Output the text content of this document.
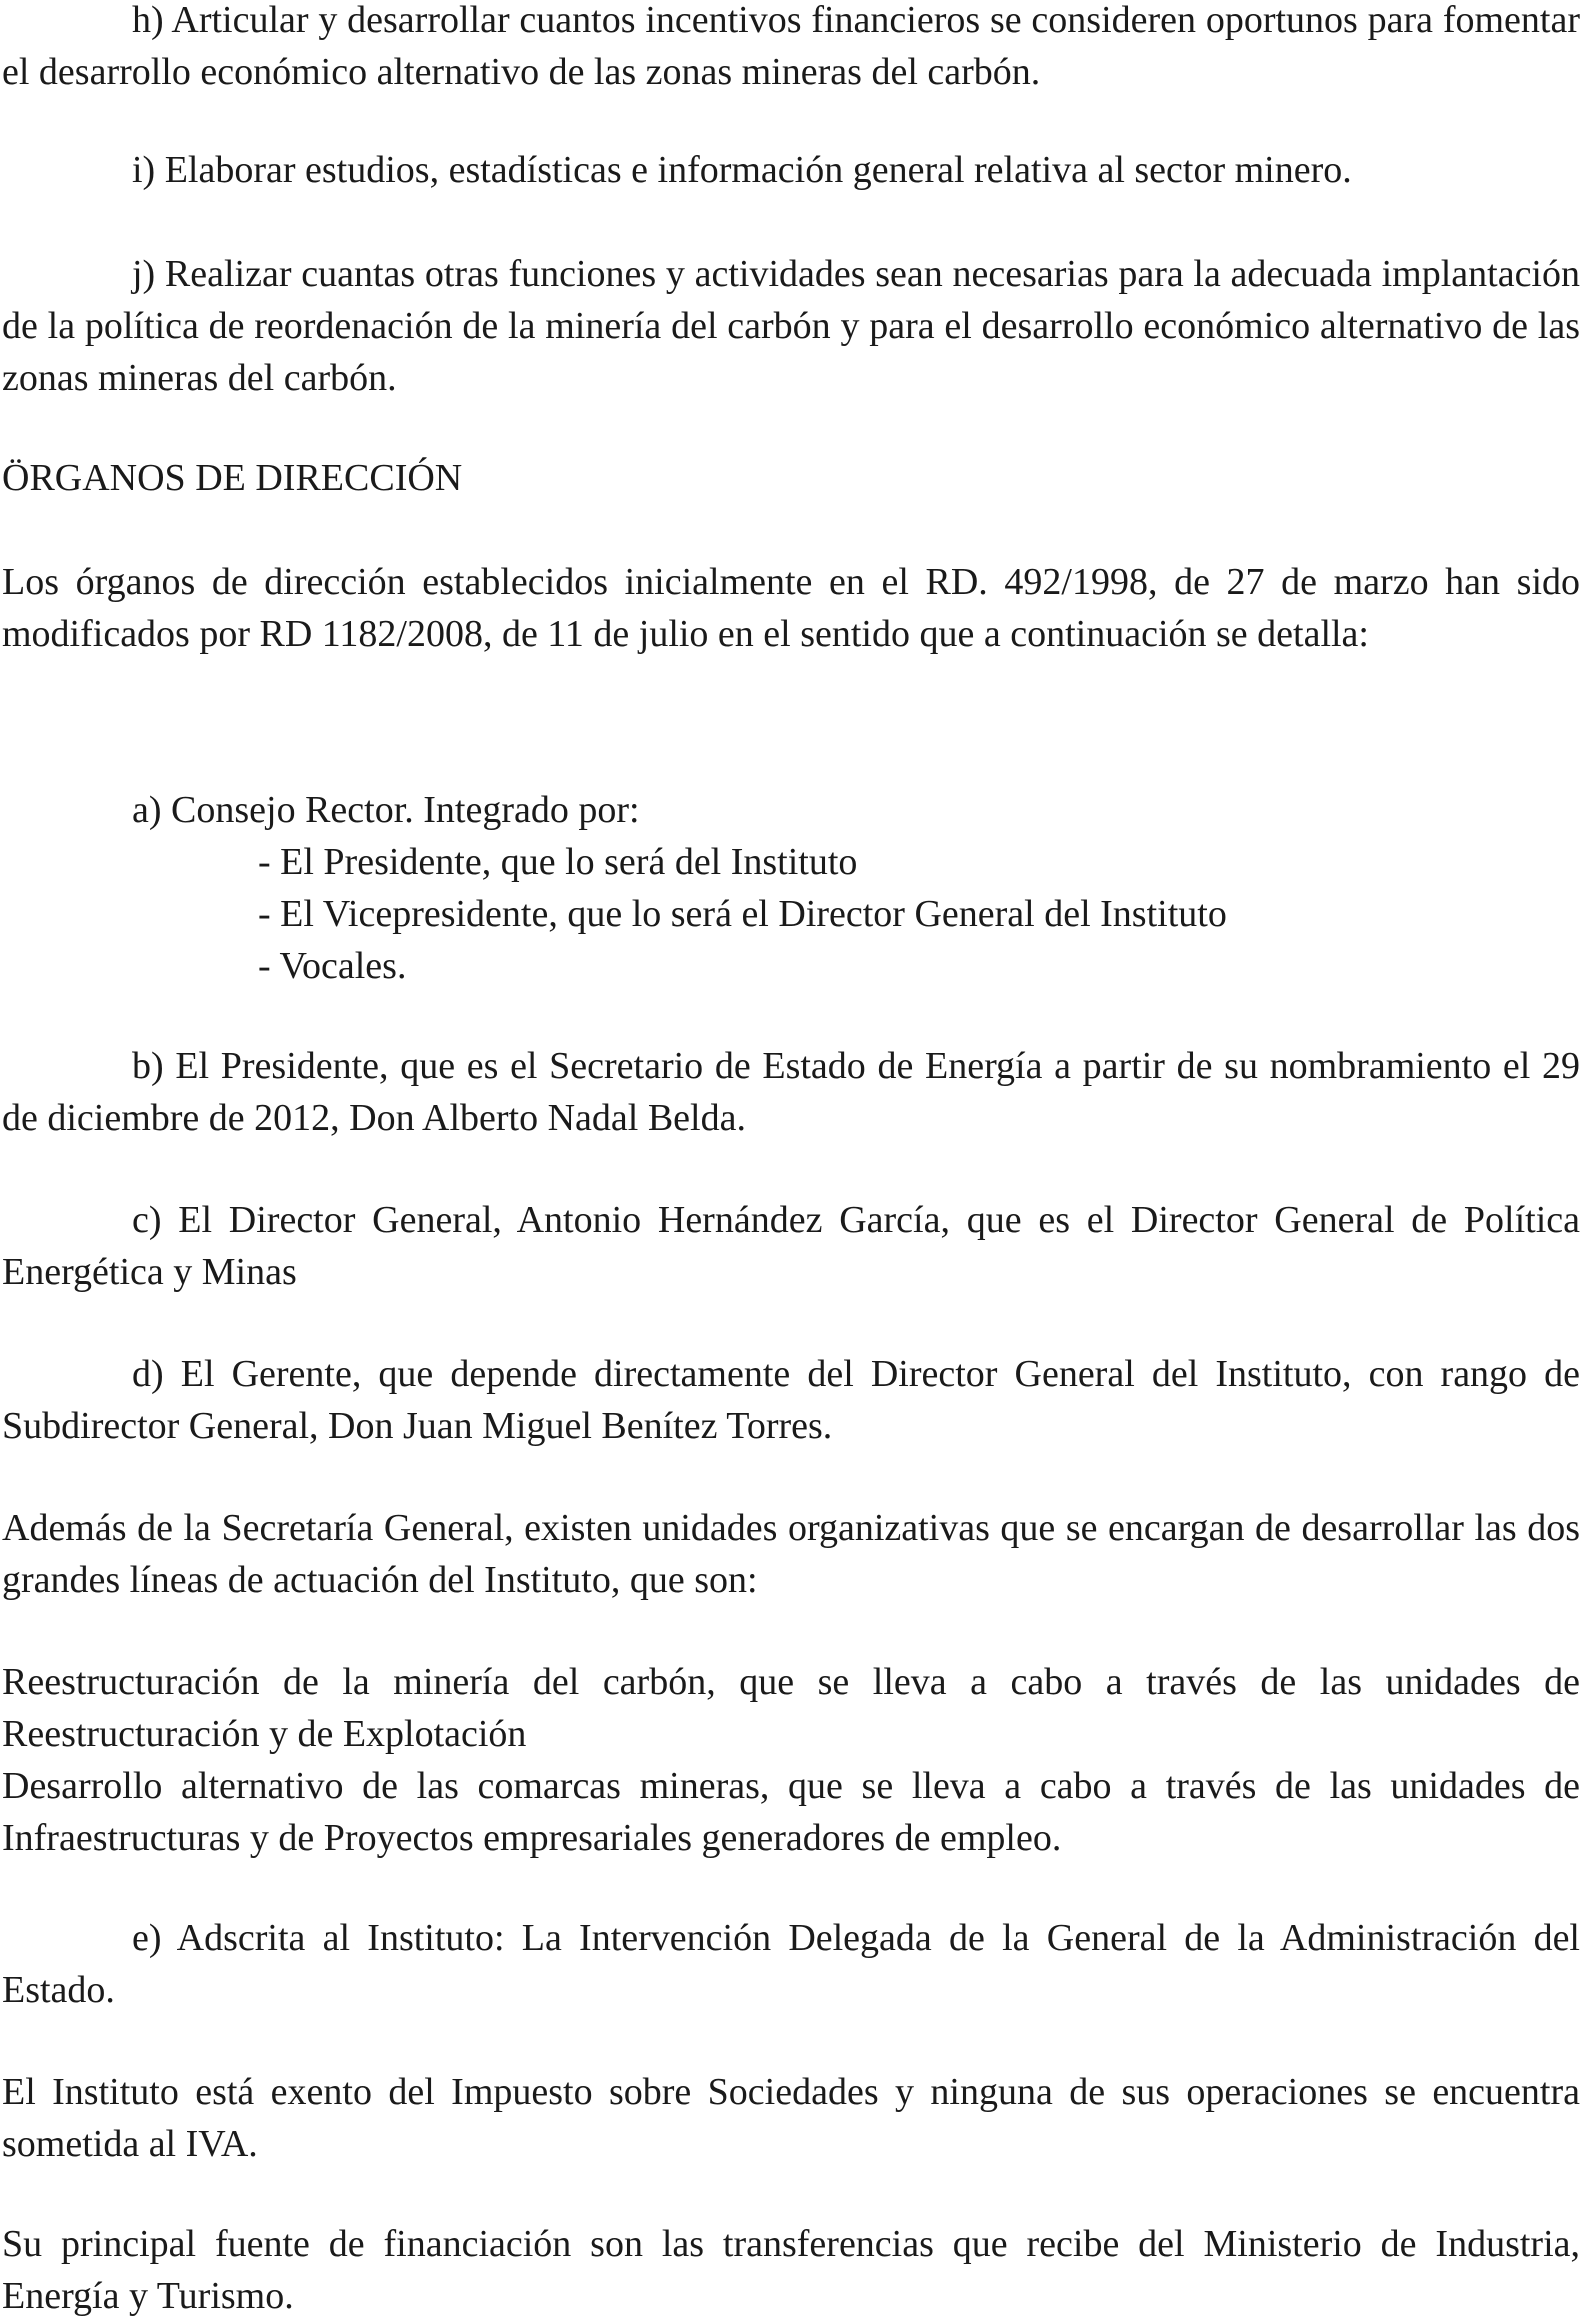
h) Articular y desarrollar cuantos incentivos financieros se consideren oportunos para fomentar el desarrollo económico alternativo de las zonas mineras del carbón.

i) Elaborar estudios, estadísticas e información general relativa al sector minero.

j) Realizar cuantas otras funciones y actividades sean necesarias para la adecuada implantación de la política de reordenación de la minería del carbón y para el desarrollo económico alternativo de las zonas mineras del carbón.

ÖRGANOS DE DIRECCIÓN

Los órganos de dirección establecidos inicialmente en el RD. 492/1998, de 27 de marzo han sido modificados por RD 1182/2008, de 11 de julio en el sentido que a continuación se detalla:

a) Consejo Rector. Integrado por:

- El Presidente, que lo será del Instituto

- El Vicepresidente, que lo será el Director General del Instituto

- Vocales.

b) El Presidente, que es el Secretario de Estado de Energía a partir de su nombramiento el 29 de diciembre de 2012, Don Alberto Nadal Belda.

c) El Director General, Antonio Hernández García, que es el Director General de Política Energética y Minas

d) El Gerente, que depende directamente del Director General del Instituto, con rango de Subdirector General, Don Juan Miguel Benítez Torres.

Además de la Secretaría General, existen unidades organizativas que se encargan de desarrollar las dos grandes líneas de actuación del Instituto, que son:

Reestructuración de la minería del carbón, que se lleva a cabo a través de las unidades de Reestructuración y de Explotación

Desarrollo alternativo de las comarcas mineras, que se lleva a cabo a través de las unidades de Infraestructuras y de Proyectos empresariales generadores de empleo.

e) Adscrita al Instituto: La Intervención Delegada de la General de la Administración del Estado.

El Instituto está exento del Impuesto sobre Sociedades y ninguna de sus operaciones se encuentra sometida al IVA.

Su principal fuente de financiación son las transferencias que recibe del Ministerio de Industria, Energía y Turismo.
